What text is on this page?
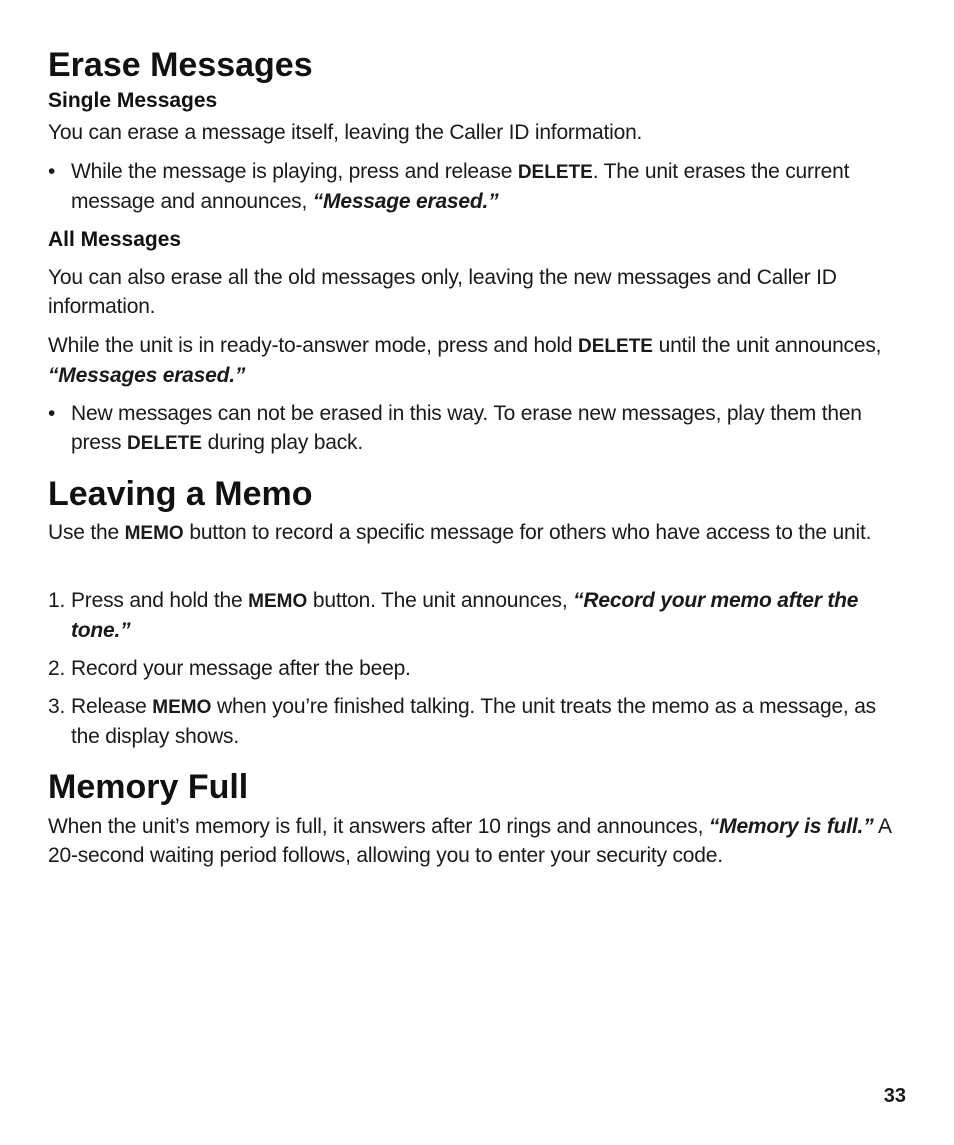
Erase Messages
Single Messages

You can erase a message itself, leaving the Caller ID information.

• While the message is playing, press and release DELETE. The unit erases the current message and announces, “Message erased.”
All Messages

You can also erase all the old messages only, leaving the new messages and Caller ID information.

While the unit is in ready-to-answer mode, press and hold DELETE until the unit announces, “Messages erased.”

• New messages can not be erased in this way. To erase new messages, play them then press DELETE during play back.
Leaving a Memo

Use the MEMO button to record a specific message for others who have access to the unit.

1. Press and hold the MEMO button. The unit announces, “Record your memo after the tone.”
2. Record your message after the beep.
3. Release MEMO when you’re finished talking. The unit treats the memo as a message, as the display shows.
Memory Full

When the unit’s memory is full, it answers after 10 rings and announces, “Memory is full.” A 20-second waiting period follows, allowing you to enter your security code.

33
